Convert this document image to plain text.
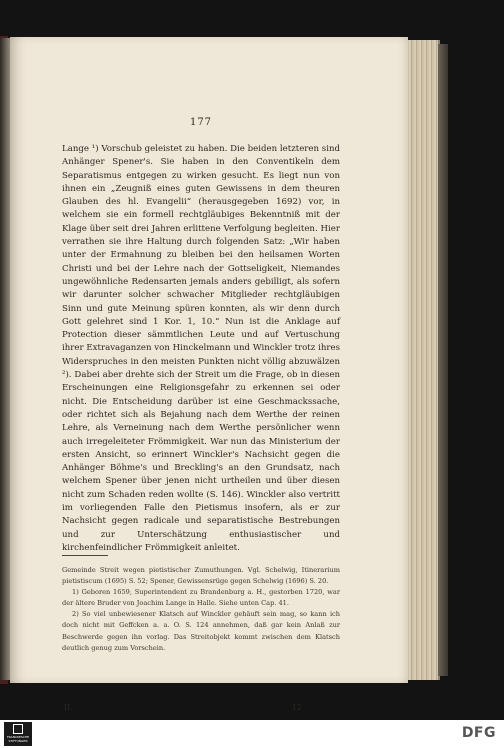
177

Lange ¹) Vorschub geleistet zu haben. Die beiden letzteren sind Anhänger Spener's. Sie haben in den Conventikeln dem Separatismus entgegen zu wirken gesucht. Es liegt nun von ihnen ein „Zeugniß eines guten Gewissens in dem theuren Glauben des hl. Evangelii“ (herausgegeben 1692) vor, in welchem sie ein formell rechtgläubiges Bekenntniß mit der Klage über seit drei Jahren erlittene Verfolgung begleiten. Hier verrathen sie ihre Haltung durch folgenden Satz: „Wir haben unter der Ermahnung zu bleiben bei den heilsamen Worten Christi und bei der Lehre nach der Gottseligkeit, Niemandes ungewöhnliche Redensarten jemals anders gebilligt, als sofern wir darunter solcher schwacher Mitglieder rechtgläubigen Sinn und gute Meinung spüren konnten, als wir denn durch Gott gelehret sind 1 Kor. 1, 10.“ Nun ist die Anklage auf Protection dieser sämmtlichen Leute und auf Vertuschung ihrer Extravaganzen von Hinckelmann und Winckler trotz ihres Widerspruches in den meisten Punkten nicht völlig abzuwälzen ²). Dabei aber drehte sich der Streit um die Frage, ob in diesen Erscheinungen eine Religionsgefahr zu erkennen sei oder nicht. Die Entscheidung darüber ist eine Geschmackssache, oder richtet sich als Bejahung nach dem Werthe der reinen Lehre, als Verneinung nach dem Werthe persönlicher wenn auch irregeleiteter Frömmigkeit. War nun das Ministerium der ersten Ansicht, so erinnert Winckler's Nachsicht gegen die Anhänger Böhme's und Breckling's an den Grundsatz, nach welchem Spener über jenen nicht urtheilen und über diesen nicht zum Schaden reden wollte (S. 146). Winckler also vertritt im vorliegenden Falle den Pietismus insofern, als er zur Nachsicht gegen radicale und separatistische Bestrebungen und zur Unterschätzung enthusiastischer und kirchenfeindlicher Frömmigkeit anleitet.

Gemeinde Streit wegen pietistischer Zumuthungen. Vgl. Schelwig, Itinerarium pietistiscum (1695) S. 52; Spener, Gewissensrüge gegen Schelwig (1696) S. 20.

1) Geboren 1659, Superintendent zu Brandenburg a. H., gestorben 1720, war der ältere Bruder von Joachim Lange in Halle. Siehe unten Cap. 41.

2) So viel unbewiesener Klatsch auf Winckler gehäuft sein mag, so kann ich doch nicht mit Geffcken a. a. O. S. 124 annehmen, daß gar kein Anlaß zur Beschwerde gegen ihn vorlag. Das Streitobjekt kommt zwischen dem Klatsch deutlich genug zum Vorschein.

II.	12
FRANCKESCHE
STIFTUNGEN	DFG
